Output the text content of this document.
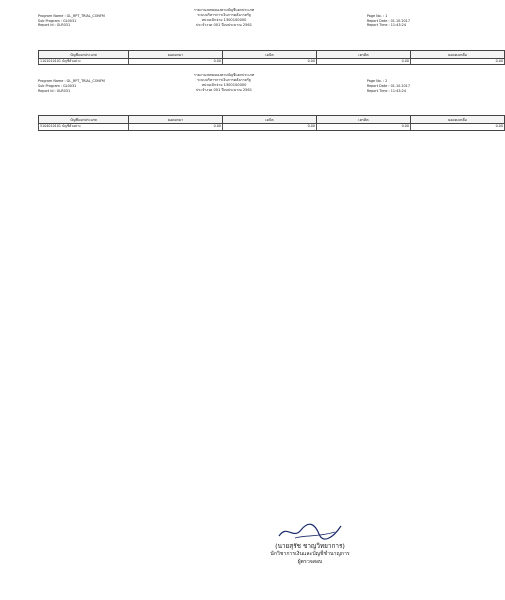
Program Name : GL_RPT_TRIAL_CONFM
Sub Program : GL0031
Report Id : GLR031
รายงานงบทดลองตามบัญชีแยกประเภท
ระบบบริหารการเงินการคลังภาครัฐ
หน่วยเบิกจ่าย 1300100000
ประจำงวด 001 ปีงบประมาณ 2561
Page No. : 1
Report Date : 01.10.2017
Report Time : 11:43:24
บัญชีแยกประเภท	ยอดยกมา	เดบิต	เครดิต	ยอดคงเหลือ
1101010101 บัญชีตัวอย่าง	0.00	0.00	0.00	0.00
Program Name : GL_RPT_TRIAL_CONFM
Sub Program : GL0031
Report Id : GLR031
รายงานงบทดลองตามบัญชีแยกประเภท
ระบบบริหารการเงินการคลังภาครัฐ
หน่วยเบิกจ่าย 1300100000
ประจำงวด 001 ปีงบประมาณ 2561
Page No. : 2
Report Date : 01.10.2017
Report Time : 11:43:24
บัญชีแยกประเภท	ยอดยกมา	เดบิต	เครดิต	ยอดคงเหลือ
5104010101 บัญชีตัวอย่าง	0.00	0.00	0.00	0.00
(นายสุรัช ชาญวิทยาการ)
นักวิชาการเงินและบัญชีชำนาญการ
ผู้ตรวจสอบ
